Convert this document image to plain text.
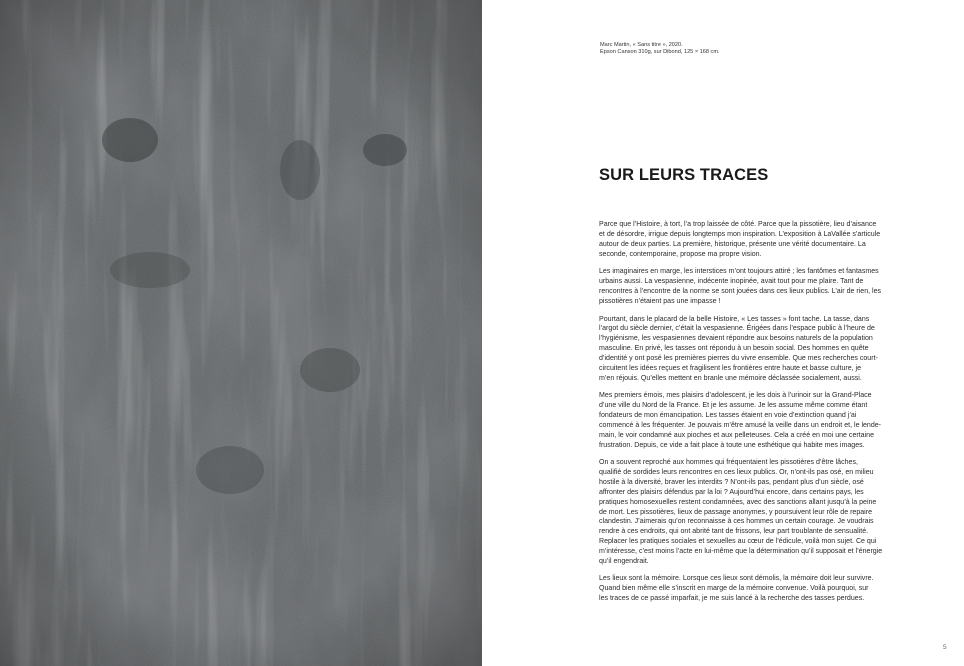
Marc Martin, « Sans titre », 2020.
Epson Canson 310g, sur Dibond, 125 × 168 cm.
SUR LEURS TRACES
Parce que l’Histoire, à tort, l’a trop laissée de côté. Parce que la pissotière, lieu d’aisance
et de désordre, irrigue depuis longtemps mon inspiration. L’exposition à LaVallée s’articule
autour de deux parties. La première, historique, présente une vérité documentaire. La
seconde, contemporaine, propose ma propre vision.
Les imaginaires en marge, les interstices m’ont toujours attiré ; les fantômes et fantasmes
urbains aussi. La vespasienne, indécente inopinée, avait tout pour me plaire. Tant de
rencontres à l’encontre de la norme se sont jouées dans ces lieux publics. L’air de rien, les
pissotières n’étaient pas une impasse !
Pourtant, dans le placard de la belle Histoire, « Les tasses » font tache. La tasse, dans
l’argot du siècle dernier, c’était la vespasienne. Érigées dans l’espace public à l’heure de
l’hygiénisme, les vespasiennes devaient répondre aux besoins naturels de la population
masculine. En privé, les tasses ont répondu à un besoin social. Des hommes en quête
d’identité y ont posé les premières pierres du vivre ensemble. Que mes recherches court-
circuitent les idées reçues et fragilisent les frontières entre haute et basse culture, je
m’en réjouis. Qu’elles mettent en branle une mémoire déclassée socialement, aussi.
Mes premiers émois, mes plaisirs d’adolescent, je les dois à l’urinoir sur la Grand-Place
d’une ville du Nord de la France. Et je les assume. Je les assume même comme étant
fondateurs de mon émancipation. Les tasses étaient en voie d’extinction quand j’ai
commencé à les fréquenter. Je pouvais m’être amusé la veille dans un endroit et, le lende-
main, le voir condamné aux pioches et aux pelleteuses. Cela a créé en moi une certaine
frustration. Depuis, ce vide a fait place à toute une esthétique qui habite mes images.
On a souvent reproché aux hommes qui fréquentaient les pissotières d’être lâches,
qualifié de sordides leurs rencontres en ces lieux publics. Or, n’ont-ils pas osé, en milieu
hostile à la diversité, braver les interdits ? N’ont-ils pas, pendant plus d’un siècle, osé
affronter des plaisirs défendus par la loi ? Aujourd’hui encore, dans certains pays, les
pratiques homosexuelles restent condamnées, avec des sanctions allant jusqu’à la peine
de mort. Les pissotières, lieux de passage anonymes, y poursuivent leur rôle de repaire
clandestin. J’aimerais qu’on reconnaisse à ces hommes un certain courage. Je voudrais
rendre à ces endroits, qui ont abrité tant de frissons, leur part troublante de sensualité.
Replacer les pratiques sociales et sexuelles au cœur de l’édicule, voilà mon sujet. Ce qui
m’intéresse, c’est moins l’acte en lui-même que la détermination qu’il supposait et l’énergie
qu’il engendrait.
Les lieux sont la mémoire. Lorsque ces lieux sont démolis, la mémoire doit leur survivre.
Quand bien même elle s’inscrit en marge de la mémoire convenue. Voilà pourquoi, sur
les traces de ce passé imparfait, je me suis lancé à la recherche des tasses perdues.
5
